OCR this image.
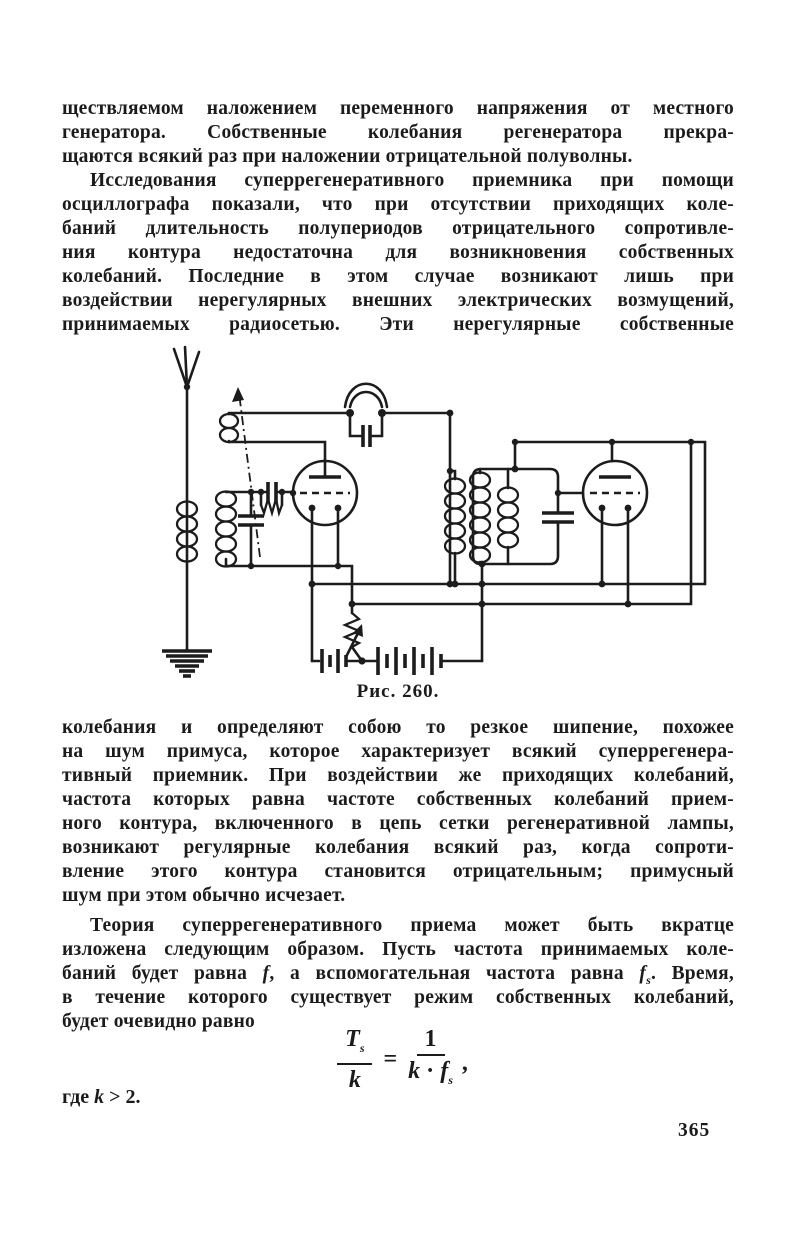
ществляемом наложением переменного напряжения от местного
генератора. Собственные колебания регенератора прекра-
щаются всякий раз при наложении отрицательной полуволны.
Исследования суперрегенеративного приемника при помощи
осциллографа показали, что при отсутствии приходящих коле-
баний длительность полупериодов отрицательного сопротивле-
ния контура недостаточна для возникновения собственных
колебаний. Последние в этом случае возникают лишь при
воздействии нерегулярных внешних электрических возмущений,
принимаемых радиосетью. Эти нерегулярные собственные
Рис. 260.
колебания и определяют собою то резкое шипение, похожее
на шум примуса, которое характеризует всякий суперрегенера-
тивный приемник. При воздействии же приходящих колебаний,
частота которых равна частоте собственных колебаний прием-
ного контура, включенного в цепь сетки регенеративной лампы,
возникают регулярные колебания всякий раз, когда сопроти-
вление этого контура становится отрицательным; примусный
шум при этом обычно исчезает.
Теория суперрегенеративного приема может быть вкратце
изложена следующим образом. Пусть частота принимаемых коле-
баний будет равна f, а вспомогательная частота равна $f_s$. Время,
в течение которого существует режим собственных колебаний,
будет очевидно равно
$\frac{T_s}{k} = \frac{1}{k \cdot f_s}$ ,
где k > 2.
365
